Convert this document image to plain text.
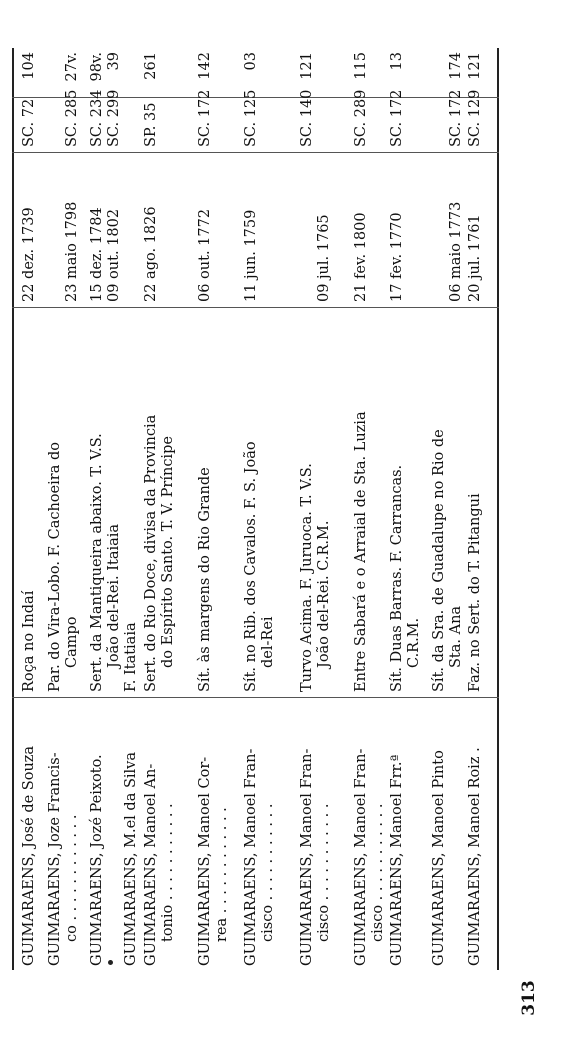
GUIMARAENS, José de Souza
Roça no Indaí
22 dez. 1739
SC. 72
104
GUIMARAENS, Joze Francis- co . . . . . . . . . . . .
Par. do Vira-Lobo. F. Cachoeira do Campo
23 maio 1798
SC. 285
27v.
GUIMARAENS, Jozé Peixoto.
Sert. da Mantiqueira abaixo. T. V.S. João del-Rei. Itaiaia
15 dez. 1784 09 out. 1802
SC. 234 SC. 299
98v. 39
GUIMARAENS, M.el da Silva
F. Itatiaia
GUIMARAENS, Manoel An- tonio . . . . . . . . . . .
Sert. do Rio Doce, divisa da Provincia do Espírito Santo. T. V. Príncipe
22 ago. 1826
SP. 35
261
GUIMARAENS, Manoel Cor- rea . . . . . . . . . . . .
Sít. às margens do Rio Grande
06 out. 1772
SC. 172
142
GUIMARAENS, Manoel Fran- cisco . . . . . . . . . . .
Sít. no Rib. dos Cavalos. F. S. João del-Rei
11 jun. 1759
SC. 125
03
GUIMARAENS, Manoel Fran- cisco . . . . . . . . . . .
Turvo Acima. F. Juruoca. T. V.S. João del-Rei. C.R.M.
09 jul. 1765
SC. 140
121
GUIMARAENS, Manoel Fran- cisco . . . . . . . . . . .
Entre Sabará e o Arraial de Sta. Luzia
21 fev. 1800
SC. 289
115
GUIMARAENS, Manoel Frr.ª
Sít. Duas Barras. F. Carrancas. C.R.M.
17 fev. 1770
SC. 172
13
GUIMARAENS, Manoel Pinto
Sít. da Sra. de Guadalupe no Rio de Sta. Ana
06 maio 1773
SC. 172
174
GUIMARAENS, Manoel Roiz .
Faz. no Sert. do T. Pitangui
20 jul. 1761
SC. 129
121
313
